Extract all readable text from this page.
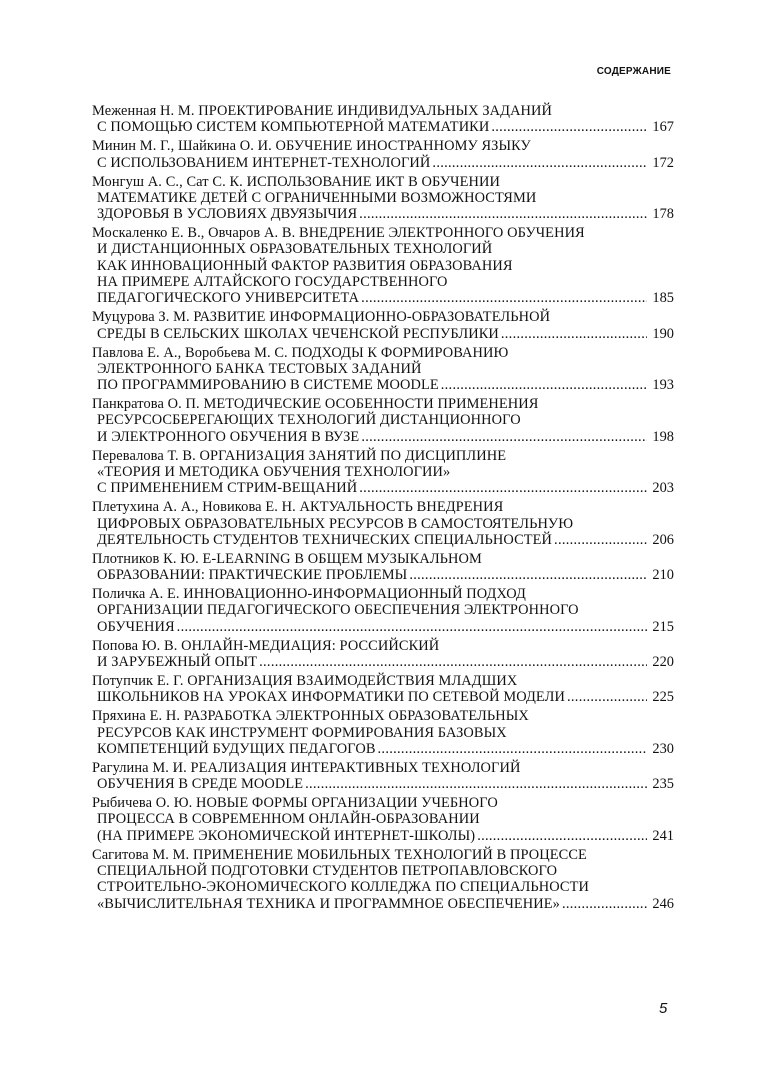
СОДЕРЖАНИЕ
Меженная Н. М. ПРОЕКТИРОВАНИЕ ИНДИВИДУАЛЬНЫХ ЗАДАНИЙ
С ПОМОЩЬЮ СИСТЕМ КОМПЬЮТЕРНОЙ МАТЕМАТИКИ .....	167
Минин М. Г., Шайкина О. И. ОБУЧЕНИЕ ИНОСТРАННОМУ ЯЗЫКУ
С ИСПОЛЬЗОВАНИЕМ ИНТЕРНЕТ-ТЕХНОЛОГИЙ .....	172
Монгуш А. С., Сат С. К. ИСПОЛЬЗОВАНИЕ ИКТ В ОБУЧЕНИИ
МАТЕМАТИКЕ ДЕТЕЙ С ОГРАНИЧЕННЫМИ ВОЗМОЖНОСТЯМИ
ЗДОРОВЬЯ В УСЛОВИЯХ ДВУЯЗЫЧИЯ .....	178
Москаленко Е. В., Овчаров А. В. ВНЕДРЕНИЕ ЭЛЕКТРОННОГО ОБУЧЕНИЯ
И ДИСТАНЦИОННЫХ ОБРАЗОВАТЕЛЬНЫХ ТЕХНОЛОГИЙ
КАК ИННОВАЦИОННЫЙ ФАКТОР РАЗВИТИЯ ОБРАЗОВАНИЯ
НА ПРИМЕРЕ АЛТАЙСКОГО ГОСУДАРСТВЕННОГО
ПЕДАГОГИЧЕСКОГО УНИВЕРСИТЕТА .....	185
Муцурова З. М. РАЗВИТИЕ ИНФОРМАЦИОННО-ОБРАЗОВАТЕЛЬНОЙ
СРЕДЫ В СЕЛЬСКИХ ШКОЛАХ ЧЕЧЕНСКОЙ РЕСПУБЛИКИ .....	190
Павлова Е. А., Воробьева М. С. ПОДХОДЫ К ФОРМИРОВАНИЮ
ЭЛЕКТРОННОГО БАНКА ТЕСТОВЫХ ЗАДАНИЙ
ПО ПРОГРАММИРОВАНИЮ В СИСТЕМЕ MOODLE .....	193
Панкратова О. П. МЕТОДИЧЕСКИЕ ОСОБЕННОСТИ ПРИМЕНЕНИЯ
РЕСУРСОСБЕРЕГАЮЩИХ ТЕХНОЛОГИЙ ДИСТАНЦИОННОГО
И ЭЛЕКТРОННОГО ОБУЧЕНИЯ В ВУЗЕ .....	198
Перевалова Т. В. ОРГАНИЗАЦИЯ ЗАНЯТИЙ ПО ДИСЦИПЛИНЕ
«ТЕОРИЯ И МЕТОДИКА ОБУЧЕНИЯ ТЕХНОЛОГИИ»
С ПРИМЕНЕНИЕМ СТРИМ-ВЕЩАНИЙ .....	203
Плетухина А. А., Новикова Е. Н. АКТУАЛЬНОСТЬ ВНЕДРЕНИЯ
ЦИФРОВЫХ ОБРАЗОВАТЕЛЬНЫХ РЕСУРСОВ В САМОСТОЯТЕЛЬНУЮ
ДЕЯТЕЛЬНОСТЬ СТУДЕНТОВ ТЕХНИЧЕСКИХ СПЕЦИАЛЬНОСТЕЙ .....	206
Плотников К. Ю. E-LEARNING В ОБЩЕМ МУЗЫКАЛЬНОМ
ОБРАЗОВАНИИ: ПРАКТИЧЕСКИЕ ПРОБЛЕМЫ .....	210
Поличка А. Е. ИННОВАЦИОННО-ИНФОРМАЦИОННЫЙ ПОДХОД
ОРГАНИЗАЦИИ ПЕДАГОГИЧЕСКОГО ОБЕСПЕЧЕНИЯ ЭЛЕКТРОННОГО
ОБУЧЕНИЯ .....	215
Попова Ю. В. ОНЛАЙН-МЕДИАЦИЯ: РОССИЙСКИЙ
И ЗАРУБЕЖНЫЙ ОПЫТ .....	220
Потупчик Е. Г. ОРГАНИЗАЦИЯ ВЗАИМОДЕЙСТВИЯ МЛАДШИХ
ШКОЛЬНИКОВ НА УРОКАХ ИНФОРМАТИКИ ПО СЕТЕВОЙ МОДЕЛИ .....	225
Пряхина Е. Н. РАЗРАБОТКА ЭЛЕКТРОННЫХ ОБРАЗОВАТЕЛЬНЫХ
РЕСУРСОВ КАК ИНСТРУМЕНТ ФОРМИРОВАНИЯ БАЗОВЫХ
КОМПЕТЕНЦИЙ БУДУЩИХ ПЕДАГОГОВ .....	230
Рагулина М. И. РЕАЛИЗАЦИЯ ИНТЕРАКТИВНЫХ ТЕХНОЛОГИЙ
ОБУЧЕНИЯ В СРЕДЕ MOODLE .....	235
Рыбичева О. Ю. НОВЫЕ ФОРМЫ ОРГАНИЗАЦИИ УЧЕБНОГО
ПРОЦЕССА В СОВРЕМЕННОМ ОНЛАЙН-ОБРАЗОВАНИИ
(НА ПРИМЕРЕ ЭКОНОМИЧЕСКОЙ ИНТЕРНЕТ-ШКОЛЫ) .....	241
Сагитова М. М. ПРИМЕНЕНИЕ МОБИЛЬНЫХ ТЕХНОЛОГИЙ В ПРОЦЕССЕ
СПЕЦИАЛЬНОЙ ПОДГОТОВКИ СТУДЕНТОВ ПЕТРОПАВЛОВСКОГО
СТРОИТЕЛЬНО-ЭКОНОМИЧЕСКОГО КОЛЛЕДЖА ПО СПЕЦИАЛЬНОСТИ
«ВЫЧИСЛИТЕЛЬНАЯ ТЕХНИКА И ПРОГРАММНОЕ ОБЕСПЕЧЕНИЕ» .....	246
5
